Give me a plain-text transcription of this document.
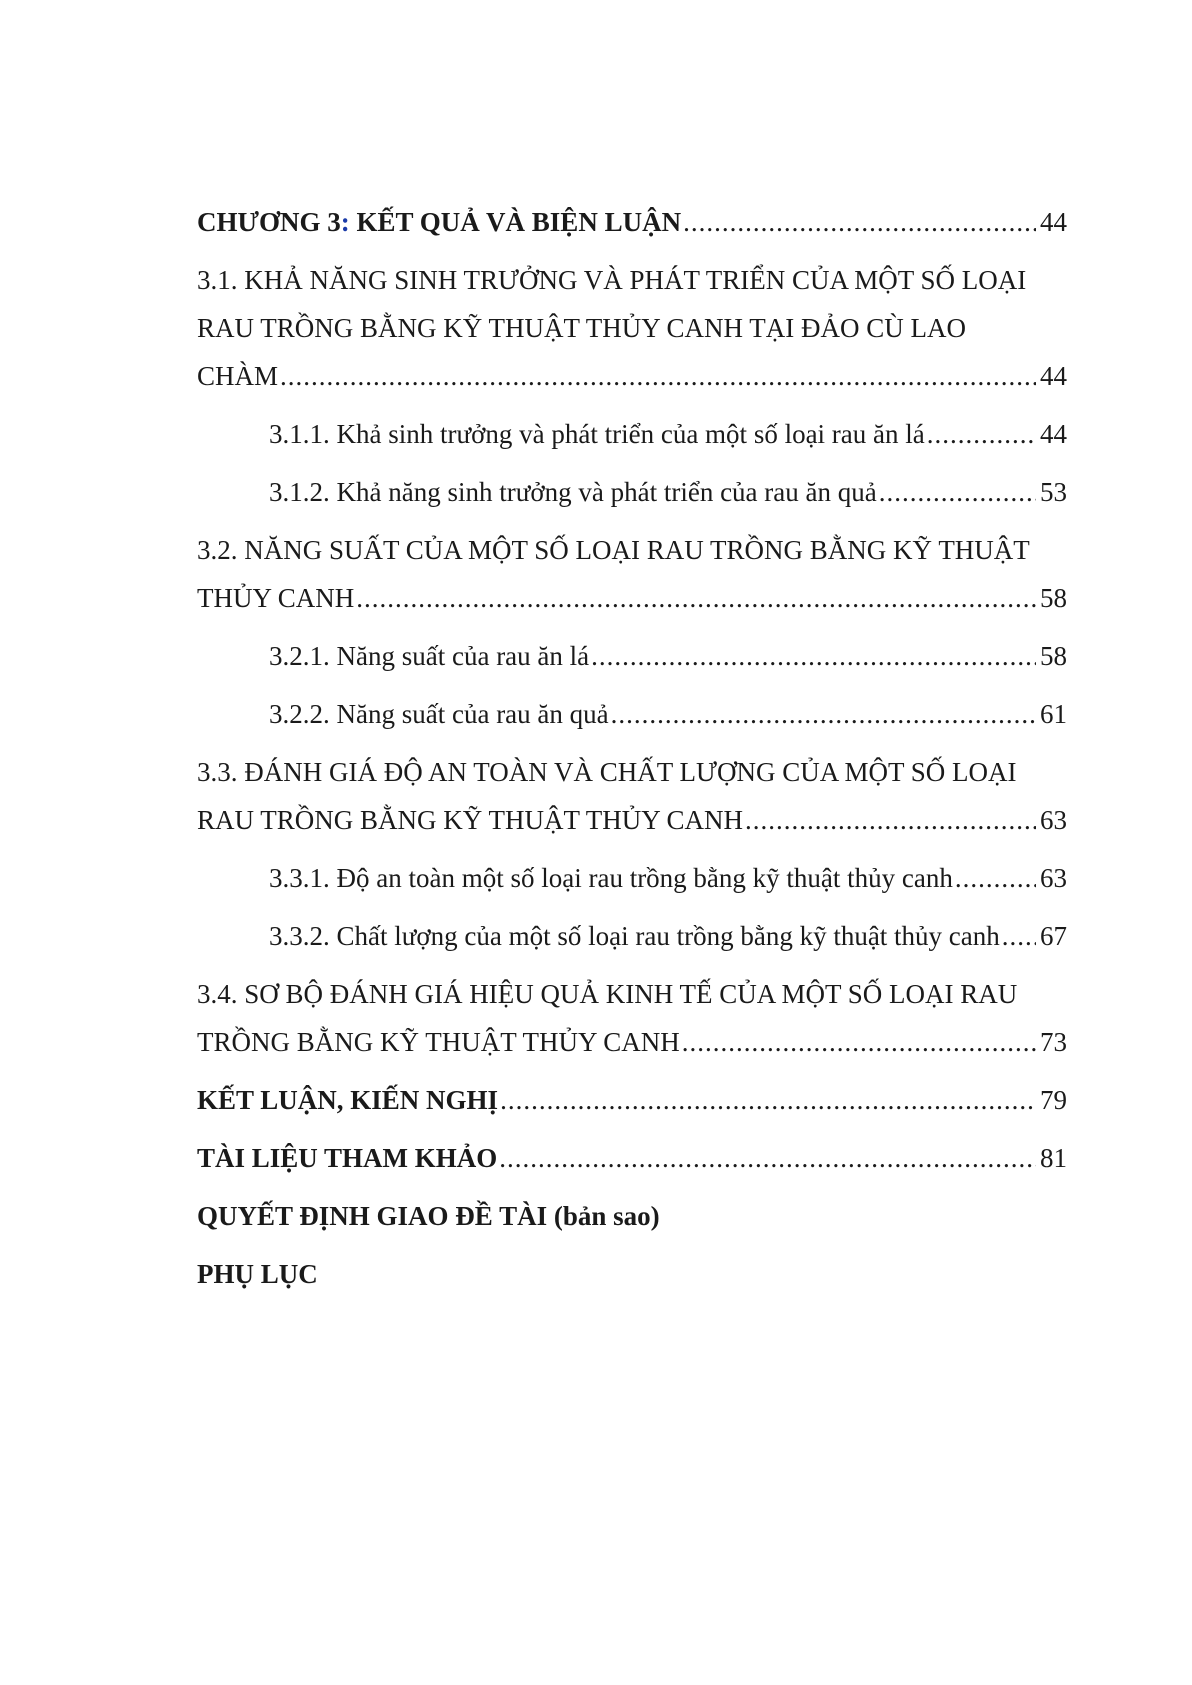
CHƯƠNG 3: KẾT QUẢ VÀ BIỆN LUẬN .....	44
3.1. KHẢ NĂNG SINH TRƯỞNG VÀ PHÁT TRIỂN CỦA MỘT SỐ LOẠI
RAU TRỒNG BẰNG KỸ THUẬT THỦY CANH TẠI ĐẢO CÙ LAO
CHÀM .....	44
3.1.1. Khả sinh trưởng và phát triển của một số loại rau ăn lá .....	44
3.1.2. Khả năng sinh trưởng và phát triển của rau ăn quả .....	53
3.2. NĂNG SUẤT CỦA MỘT SỐ LOẠI RAU TRỒNG BẰNG KỸ THUẬT
THỦY CANH .....	58
3.2.1. Năng suất của rau ăn lá .....	58
3.2.2. Năng suất của rau ăn quả .....	61
3.3. ĐÁNH GIÁ ĐỘ AN TOÀN VÀ CHẤT LƯỢNG CỦA MỘT SỐ LOẠI
RAU TRỒNG BẰNG KỸ THUẬT THỦY CANH .....	63
3.3.1. Độ an toàn một số loại rau trồng bằng kỹ thuật thủy canh .....	63
3.3.2. Chất lượng của một số loại rau trồng bằng kỹ thuật thủy canh ..... 67
3.4. SƠ BỘ ĐÁNH GIÁ HIỆU QUẢ KINH TẾ CỦA MỘT SỐ LOẠI RAU
TRỒNG BẰNG KỸ THUẬT THỦY CANH .....	73
KẾT LUẬN, KIẾN NGHỊ .....	79
TÀI LIỆU THAM KHẢO .....	81
QUYẾT ĐỊNH GIAO ĐỀ TÀI (bản sao)
PHỤ LỤC
